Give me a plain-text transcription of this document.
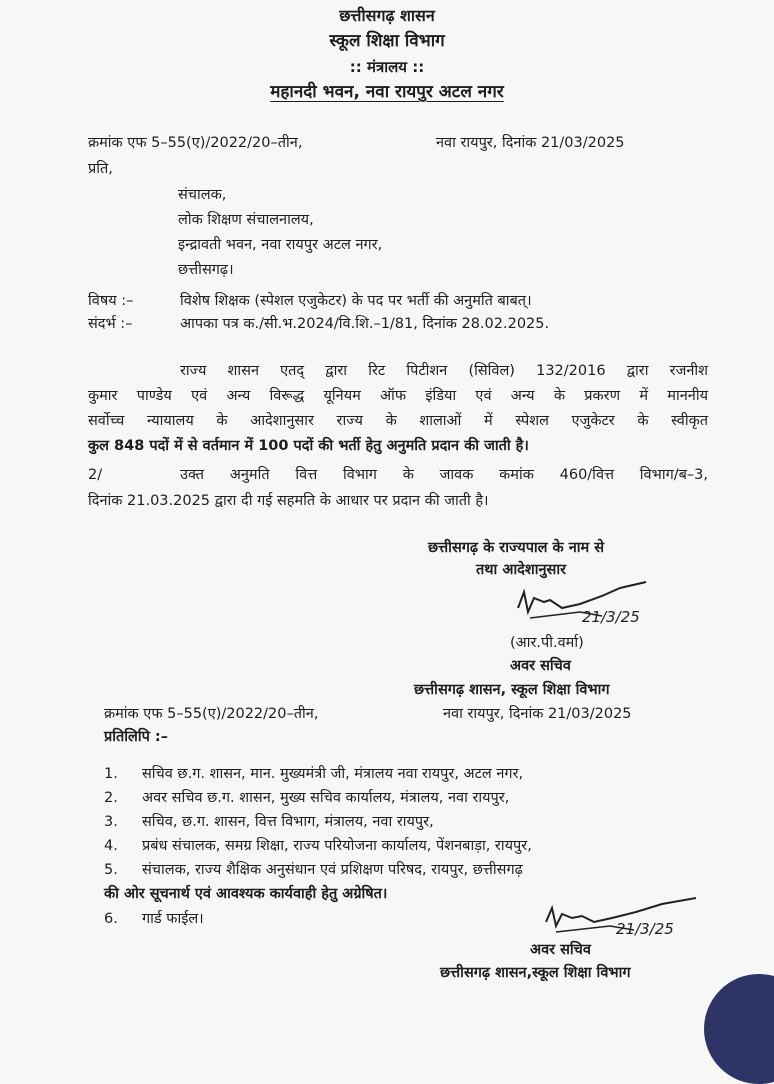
छत्तीसगढ़ शासन
स्कूल शिक्षा विभाग
:: मंत्रालय ::
महानदी भवन, नवा रायपुर अटल नगर
क्रमांक एफ 5–55(ए)/2022/20–तीन,	नवा रायपुर, दिनांक 21/03/2025
प्रति,
संचालक,
लोक शिक्षण संचालनालय,
इन्द्रावती भवन, नवा रायपुर अटल नगर,
छत्तीसगढ़।
विषय :–	विशेष शिक्षक (स्पेशल एजुकेटर) के पद पर भर्ती की अनुमति बाबत्।
संदर्भ :–	आपका पत्र क./सी.भ.2024/वि.शि.–1/81, दिनांक 28.02.2025.
राज्य शासन एतद् द्वारा रिट पिटीशन (सिविल) 132/2016 द्वारा रजनीश
कुमार पाण्डेय एवं अन्य विरूद्ध यूनियम ऑफ इंडिया एवं अन्य के प्रकरण में माननीय
सर्वोच्च न्यायालय के आदेशानुसार राज्य के शालाओं में स्पेशल एजुकेटर के स्वीकृत
कुल 848 पदों में से वर्तमान में 100 पदों की भर्ती हेतु अनुमति प्रदान की जाती है।
2/	उक्त अनुमति वित्त विभाग के जावक कमांक 460/वित्त विभाग/ब–3,
दिनांक 21.03.2025 द्वारा दी गई सहमति के आधार पर प्रदान की जाती है।
छत्तीसगढ़ के राज्यपाल के नाम से
तथा आदेशानुसार
21/3/25
(आर.पी.वर्मा)
अवर सचिव
छत्तीसगढ़ शासन, स्कूल शिक्षा विभाग
क्रमांक एफ 5–55(ए)/2022/20–तीन,	नवा रायपुर, दिनांक 21/03/2025
प्रतिलिपि :–
1. सचिव छ.ग. शासन, मान. मुख्यमंत्री जी, मंत्रालय नवा रायपुर, अटल नगर,
2. अवर सचिव छ.ग. शासन, मुख्य सचिव कार्यालय, मंत्रालय, नवा रायपुर,
3. सचिव, छ.ग. शासन, वित्त विभाग, मंत्रालय, नवा रायपुर,
4. प्रबंध संचालक, समग्र शिक्षा, राज्य परियोजना कार्यालय, पेंशनबाड़ा, रायपुर,
5. संचालक, राज्य शैक्षिक अनुसंधान एवं प्रशिक्षण परिषद, रायपुर, छत्तीसगढ़
की ओर सूचनार्थ एवं आवश्यक कार्यवाही हेतु अग्रेषित।
6. गार्ड फाईल।
21/3/25
अवर सचिव
छत्तीसगढ़ शासन,स्कूल शिक्षा विभाग
